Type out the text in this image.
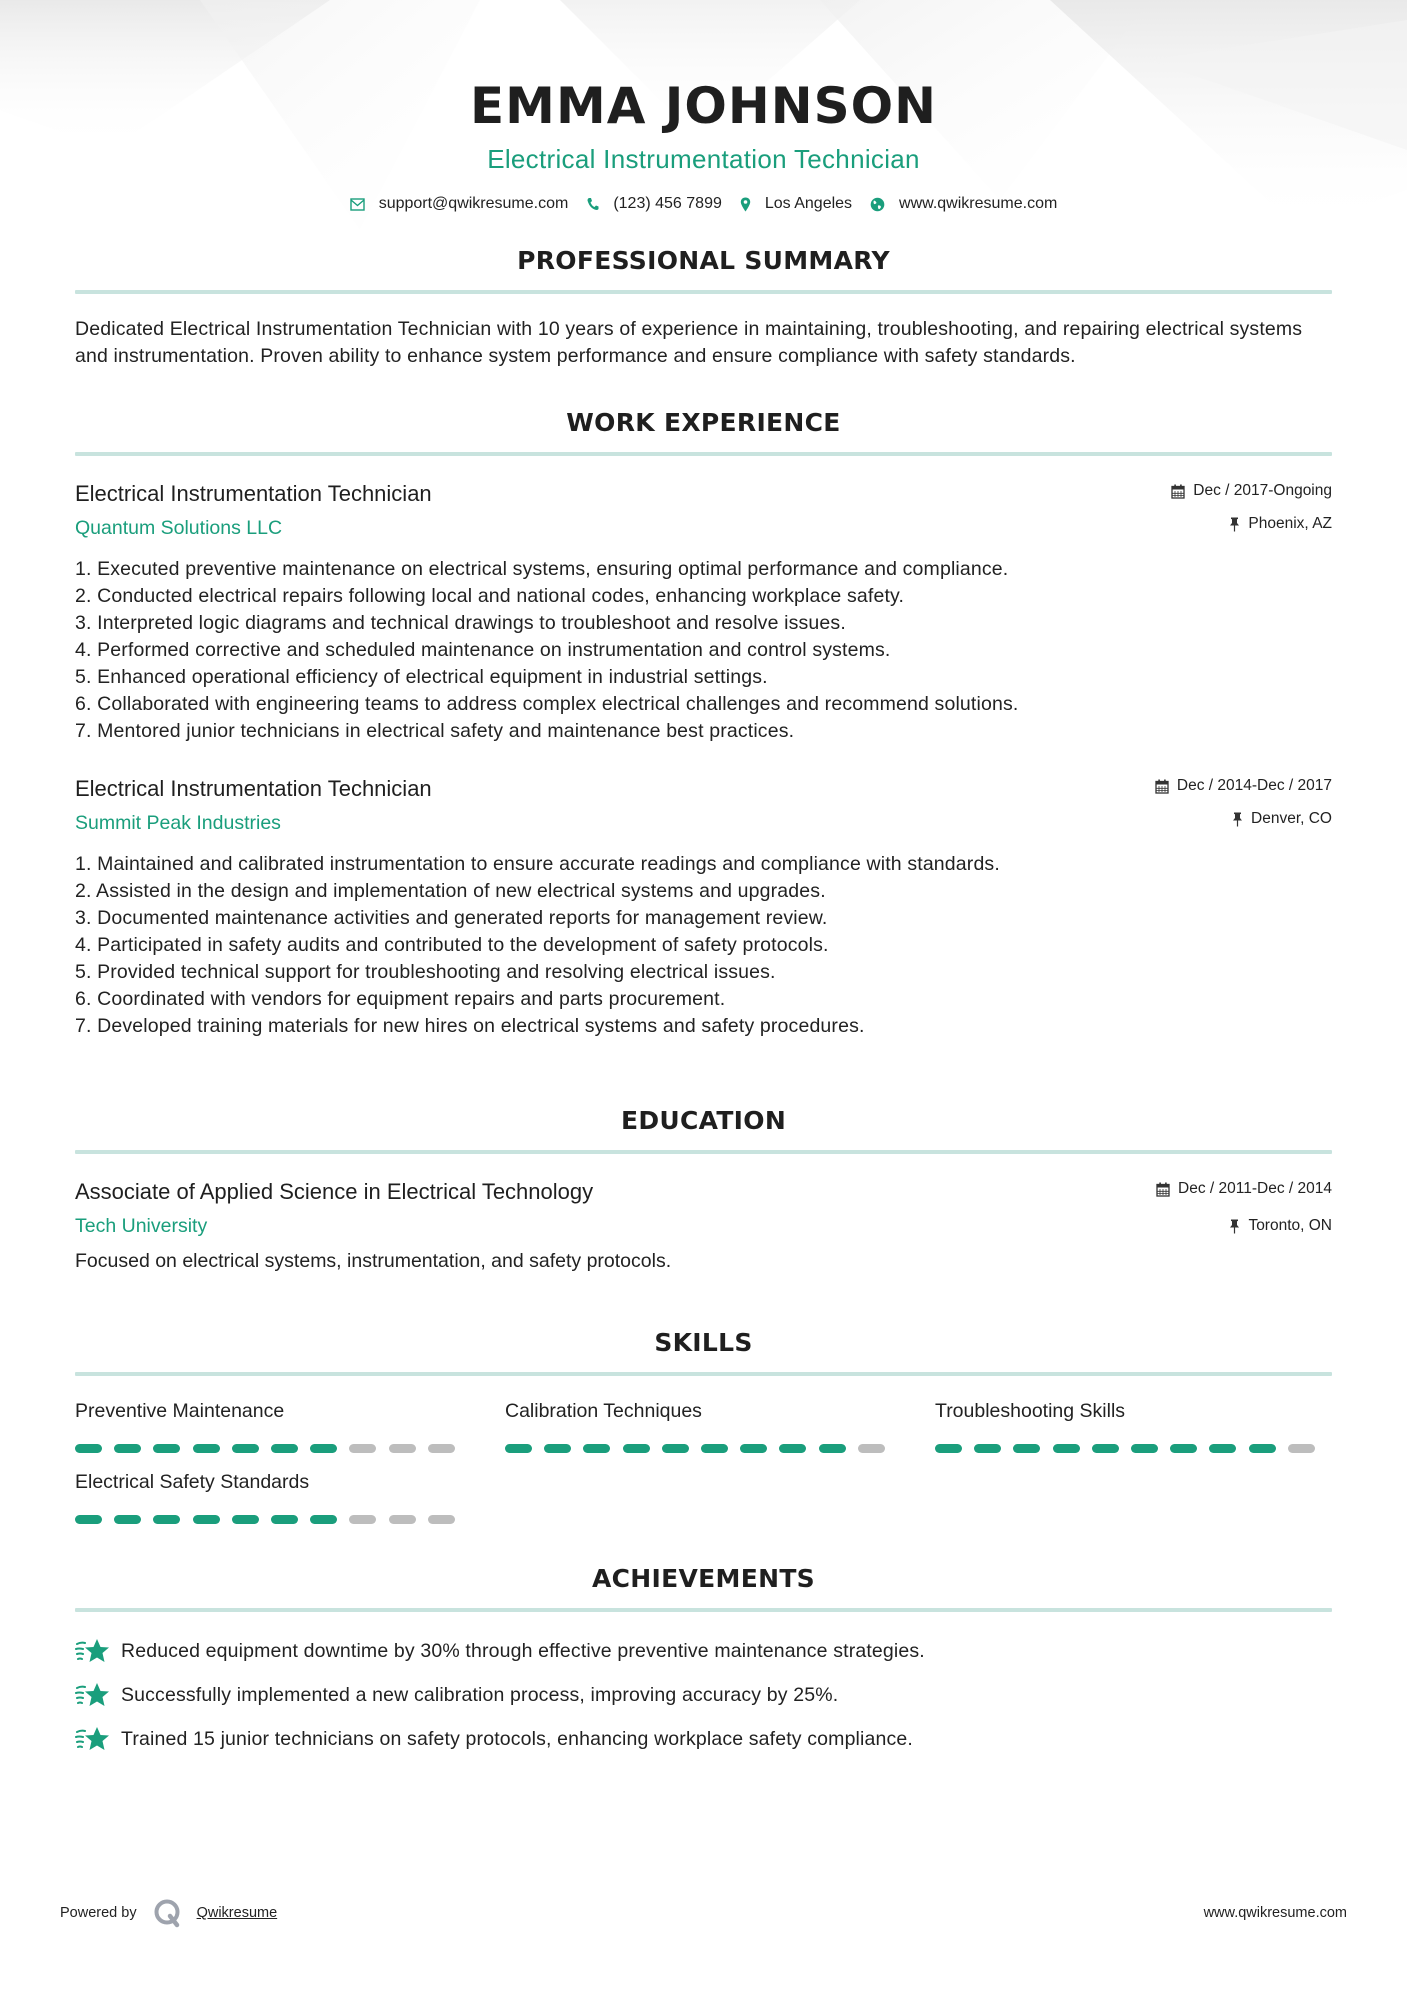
EMMA JOHNSON
Electrical Instrumentation Technician
support@qwikresume.com	(123) 456 7899	Los Angeles	www.qwikresume.com
PROFESSIONAL SUMMARY

Dedicated Electrical Instrumentation Technician with 10 years of experience in maintaining, troubleshooting, and repairing electrical systems and instrumentation. Proven ability to enhance system performance and ensure compliance with safety standards.

WORK EXPERIENCE
Electrical Instrumentation Technician
Quantum Solutions LLC
Dec / 2017-Ongoing
Phoenix, AZ
1. Executed preventive maintenance on electrical systems, ensuring optimal performance and compliance.
2. Conducted electrical repairs following local and national codes, enhancing workplace safety.
3. Interpreted logic diagrams and technical drawings to troubleshoot and resolve issues.
4. Performed corrective and scheduled maintenance on instrumentation and control systems.
5. Enhanced operational efficiency of electrical equipment in industrial settings.
6. Collaborated with engineering teams to address complex electrical challenges and recommend solutions.
7. Mentored junior technicians in electrical safety and maintenance best practices.
Electrical Instrumentation Technician
Summit Peak Industries
Dec / 2014-Dec / 2017
Denver, CO
1. Maintained and calibrated instrumentation to ensure accurate readings and compliance with standards.
2. Assisted in the design and implementation of new electrical systems and upgrades.
3. Documented maintenance activities and generated reports for management review.
4. Participated in safety audits and contributed to the development of safety protocols.
5. Provided technical support for troubleshooting and resolving electrical issues.
6. Coordinated with vendors for equipment repairs and parts procurement.
7. Developed training materials for new hires on electrical systems and safety procedures.
EDUCATION
Associate of Applied Science in Electrical Technology
Tech University
Dec / 2011-Dec / 2014
Toronto, ON

Focused on electrical systems, instrumentation, and safety protocols.

SKILLS
Preventive Maintenance	Calibration Techniques	Troubleshooting Skills
Electrical Safety Standards
ACHIEVEMENTS
Reduced equipment downtime by 30% through effective preventive maintenance strategies.
Successfully implemented a new calibration process, improving accuracy by 25%.
Trained 15 junior technicians on safety protocols, enhancing workplace safety compliance.
Powered by	Qwikresume	www.qwikresume.com
